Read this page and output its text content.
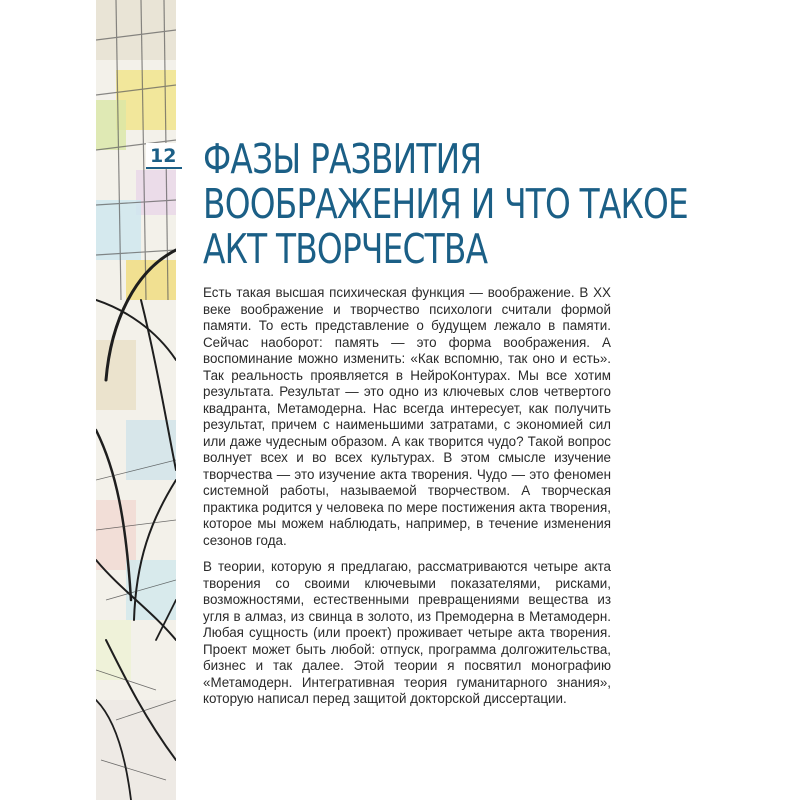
12 ФАЗЫ РАЗВИТИЯ
ВООБРАЖЕНИЯ И ЧТО ТАКОЕ
АКТ ТВОРЧЕСТВА

Есть такая высшая психическая функция — воображение. В ХХ веке воображение и творчество психологи считали формой памяти. То есть представление о будущем лежало в памяти. Сейчас наоборот: память — это форма воображения. А воспоминание можно изменить: «Как вспомню, так оно и есть». Так реальность проявляется в НейроКонтурах. Мы все хотим результата. Результат — это одно из ключевых слов четвертого квадранта, Метамодерна. Нас всегда интересует, как получить результат, причем с наименьшими затратами, с экономией сил или даже чудесным образом. А как творится чудо? Такой вопрос волнует всех и во всех культурах. В этом смысле изучение творчества — это изучение акта творения. Чудо — это феномен системной работы, называемой творчеством. А творческая практика родится у человека по мере постижения акта творения, которое мы можем наблюдать, например, в течение изменения сезонов года.

В теории, которую я предлагаю, рассматриваются четыре акта творения со своими ключевыми показателями, рисками, возможностями, естественными превращениями вещества из угля в алмаз, из свинца в золото, из Премодерна в Метамодерн. Любая сущность (или проект) проживает четыре акта творения. Проект может быть любой: отпуск, программа долгожительства, бизнес и так далее. Этой теории я посвятил монографию «Метамодерн. Интегративная теория гуманитарного знания», которую написал перед защитой докторской диссертации.
